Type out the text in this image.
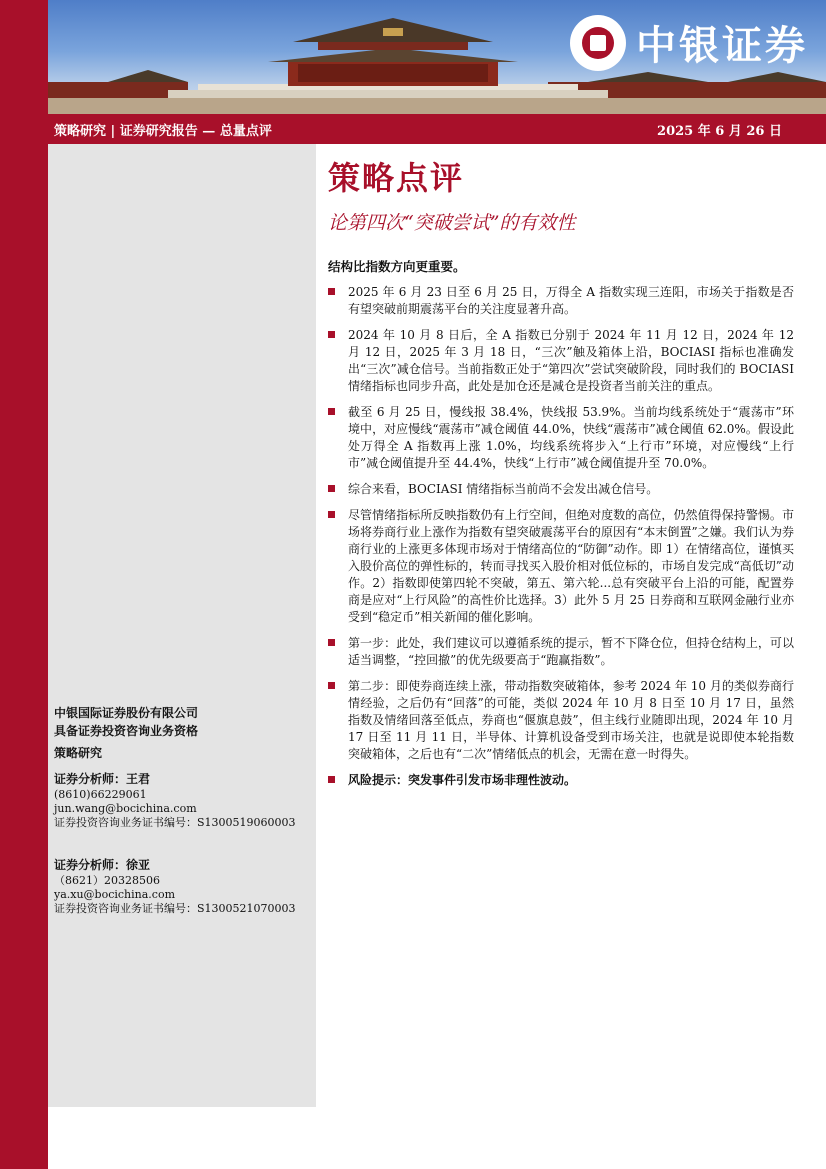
中银证券
策略研究 | 证券研究报告 — 总量点评	2025 年 6 月 26 日
中银国际证券股份有限公司
具备证券投资咨询业务资格
策略研究
证券分析师：王君
(8610)66229061
jun.wang@bocichina.com
证券投资咨询业务证书编号：S1300519060003
证券分析师：徐亚
（8621）20328506
ya.xu@bocichina.com
证券投资咨询业务证书编号：S1300521070003
策略点评
论第四次“突破尝试”的有效性
结构比指数方向更重要。
2025 年 6 月 23 日至 6 月 25 日，万得全 A 指数实现三连阳，市场关于指数是否有望突破前期震荡平台的关注度显著升高。
2024 年 10 月 8 日后，全 A 指数已分别于 2024 年 11 月 12 日，2024 年 12 月 12 日，2025 年 3 月 18 日，“三次”触及箱体上沿，BOCIASI 指标也准确发出“三次”减仓信号。当前指数正处于“第四次”尝试突破阶段，同时我们的 BOCIASI 情绪指标也同步升高，此处是加仓还是减仓是投资者当前关注的重点。
截至 6 月 25 日，慢线报 38.4%，快线报 53.9%。当前均线系统处于“震荡市”环境中，对应慢线“震荡市”减仓阈值 44.0%，快线“震荡市”减仓阈值 62.0%。假设此处万得全 A 指数再上涨 1.0%，均线系统将步入“上行市”环境，对应慢线“上行市”减仓阈值提升至 44.4%，快线“上行市”减仓阈值提升至 70.0%。
综合来看，BOCIASI 情绪指标当前尚不会发出减仓信号。
尽管情绪指标所反映指数仍有上行空间，但绝对度数的高位，仍然值得保持警惕。市场将券商行业上涨作为指数有望突破震荡平台的原因有“本末倒置”之嫌。我们认为券商行业的上涨更多体现市场对于情绪高位的“防御”动作。即 1）在情绪高位，谨慎买入股价高位的弹性标的，转而寻找买入股价相对低位标的，市场自发完成“高低切”动作。2）指数即使第四轮不突破，第五、第六轮...总有突破平台上沿的可能，配置券商是应对“上行风险”的高性价比选择。3）此外 5 月 25 日券商和互联网金融行业亦受到“稳定币”相关新闻的催化影响。
第一步：此处，我们建议可以遵循系统的提示，暂不下降仓位，但持仓结构上，可以适当调整，“控回撤”的优先级要高于“跑赢指数”。
第二步：即使券商连续上涨，带动指数突破箱体，参考 2024 年 10 月的类似券商行情经验，之后仍有“回落”的可能，类似 2024 年 10 月 8 日至 10 月 17 日，虽然指数及情绪回落至低点，券商也“偃旗息鼓”，但主线行业随即出现，2024 年 10 月 17 日至 11 月 11 日，半导体、计算机设备受到市场关注，也就是说即使本轮指数突破箱体，之后也有“二次”情绪低点的机会，无需在意一时得失。
风险提示：突发事件引发市场非理性波动。
